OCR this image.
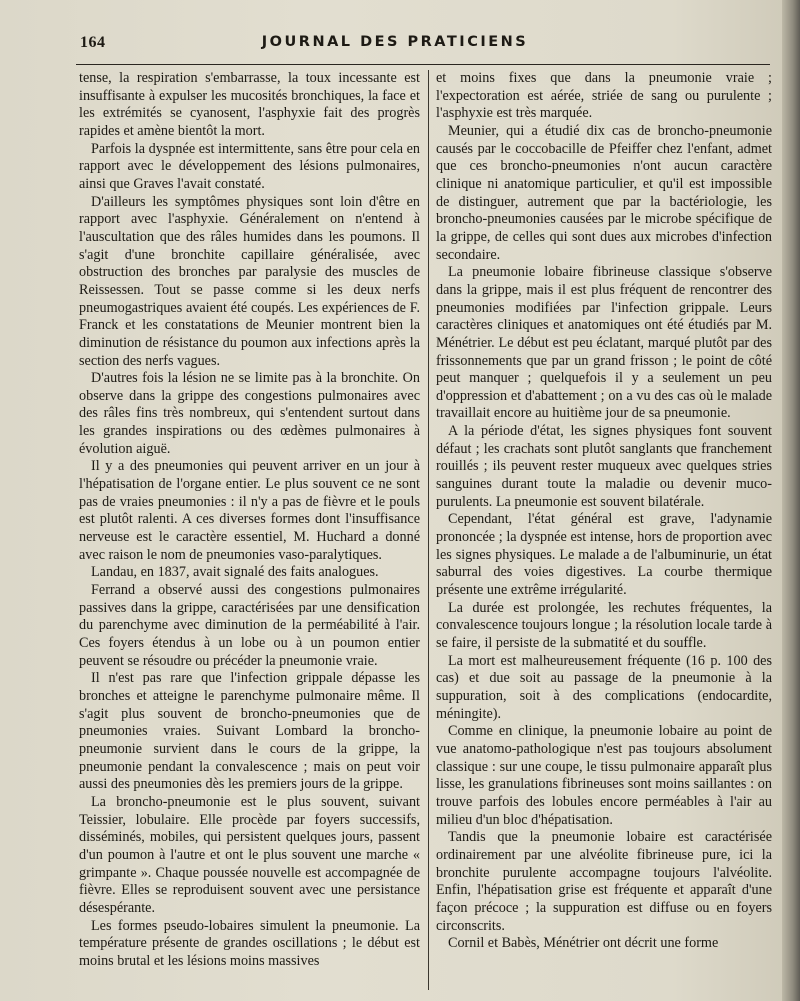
164	JOURNAL DES PRATICIENS

tense, la respiration s'embarrasse, la toux incessante est insuffisante à expulser les mucosités bronchiques, la face et les extrémités se cyanosent, l'asphyxie fait des progrès rapides et amène bientôt la mort.

Parfois la dyspnée est intermittente, sans être pour cela en rapport avec le développement des lésions pulmonaires, ainsi que Graves l'avait constaté.

D'ailleurs les symptômes physiques sont loin d'être en rapport avec l'asphyxie. Généralement on n'entend à l'auscultation que des râles humides dans les poumons. Il s'agit d'une bronchite capillaire généralisée, avec obstruction des bronches par paralysie des muscles de Reissessen. Tout se passe comme si les deux nerfs pneumogastriques avaient été coupés. Les expériences de F. Franck et les constatations de Meunier montrent bien la diminution de résistance du poumon aux infections après la section des nerfs vagues.

D'autres fois la lésion ne se limite pas à la bronchite. On observe dans la grippe des congestions pulmonaires avec des râles fins très nombreux, qui s'entendent surtout dans les grandes inspirations ou des œdèmes pulmonaires à évolution aiguë.

Il y a des pneumonies qui peuvent arriver en un jour à l'hépatisation de l'organe entier. Le plus souvent ce ne sont pas de vraies pneumonies : il n'y a pas de fièvre et le pouls est plutôt ralenti. A ces diverses formes dont l'insuffisance nerveuse est le caractère essentiel, M. Huchard a donné avec raison le nom de pneumonies vaso-paralytiques.

Landau, en 1837, avait signalé des faits analogues.

Ferrand a observé aussi des congestions pulmonaires passives dans la grippe, caractérisées par une densification du parenchyme avec diminution de la perméabilité à l'air. Ces foyers étendus à un lobe ou à un poumon entier peuvent se résoudre ou précéder la pneumonie vraie.

Il n'est pas rare que l'infection grippale dépasse les bronches et atteigne le parenchyme pulmonaire même. Il s'agit plus souvent de broncho-pneumonies que de pneumonies vraies. Suivant Lombard la broncho-pneumonie survient dans le cours de la grippe, la pneumonie pendant la convalescence ; mais on peut voir aussi des pneumonies dès les premiers jours de la grippe.

La broncho-pneumonie est le plus souvent, suivant Teissier, lobulaire. Elle procède par foyers successifs, disséminés, mobiles, qui persistent quelques jours, passent d'un poumon à l'autre et ont le plus souvent une marche « grimpante ». Chaque poussée nouvelle est accompagnée de fièvre. Elles se reproduisent souvent avec une persistance désespérante.

Les formes pseudo-lobaires simulent la pneumonie. La température présente de grandes oscillations ; le début est moins brutal et les lésions moins massives

et moins fixes que dans la pneumonie vraie ; l'expectoration est aérée, striée de sang ou purulente ; l'asphyxie est très marquée.

Meunier, qui a étudié dix cas de broncho-pneumonie causés par le coccobacille de Pfeiffer chez l'enfant, admet que ces broncho-pneumonies n'ont aucun caractère clinique ni anatomique particulier, et qu'il est impossible de distinguer, autrement que par la bactériologie, les broncho-pneumonies causées par le microbe spécifique de la grippe, de celles qui sont dues aux microbes d'infection secondaire.

La pneumonie lobaire fibrineuse classique s'observe dans la grippe, mais il est plus fréquent de rencontrer des pneumonies modifiées par l'infection grippale. Leurs caractères cliniques et anatomiques ont été étudiés par M. Ménétrier. Le début est peu éclatant, marqué plutôt par des frissonnements que par un grand frisson ; le point de côté peut manquer ; quelquefois il y a seulement un peu d'oppression et d'abattement ; on a vu des cas où le malade travaillait encore au huitième jour de sa pneumonie.

A la période d'état, les signes physiques font souvent défaut ; les crachats sont plutôt sanglants que franchement rouillés ; ils peuvent rester muqueux avec quelques stries sanguines durant toute la maladie ou devenir muco-purulents. La pneumonie est souvent bilatérale.

Cependant, l'état général est grave, l'adynamie prononcée ; la dyspnée est intense, hors de proportion avec les signes physiques. Le malade a de l'albuminurie, un état saburral des voies digestives. La courbe thermique présente une extrême irrégularité.

La durée est prolongée, les rechutes fréquentes, la convalescence toujours longue ; la résolution locale tarde à se faire, il persiste de la submatité et du souffle.

La mort est malheureusement fréquente (16 p. 100 des cas) et due soit au passage de la pneumonie à la suppuration, soit à des complications (endocardite, méningite).

Comme en clinique, la pneumonie lobaire au point de vue anatomo-pathologique n'est pas toujours absolument classique : sur une coupe, le tissu pulmonaire apparaît plus lisse, les granulations fibrineuses sont moins saillantes : on trouve parfois des lobules encore perméables à l'air au milieu d'un bloc d'hépatisation.

Tandis que la pneumonie lobaire est caractérisée ordinairement par une alvéolite fibrineuse pure, ici la bronchite purulente accompagne toujours l'alvéolite. Enfin, l'hépatisation grise est fréquente et apparaît d'une façon précoce ; la suppuration est diffuse ou en foyers circonscrits.

Cornil et Babès, Ménétrier ont décrit une forme
